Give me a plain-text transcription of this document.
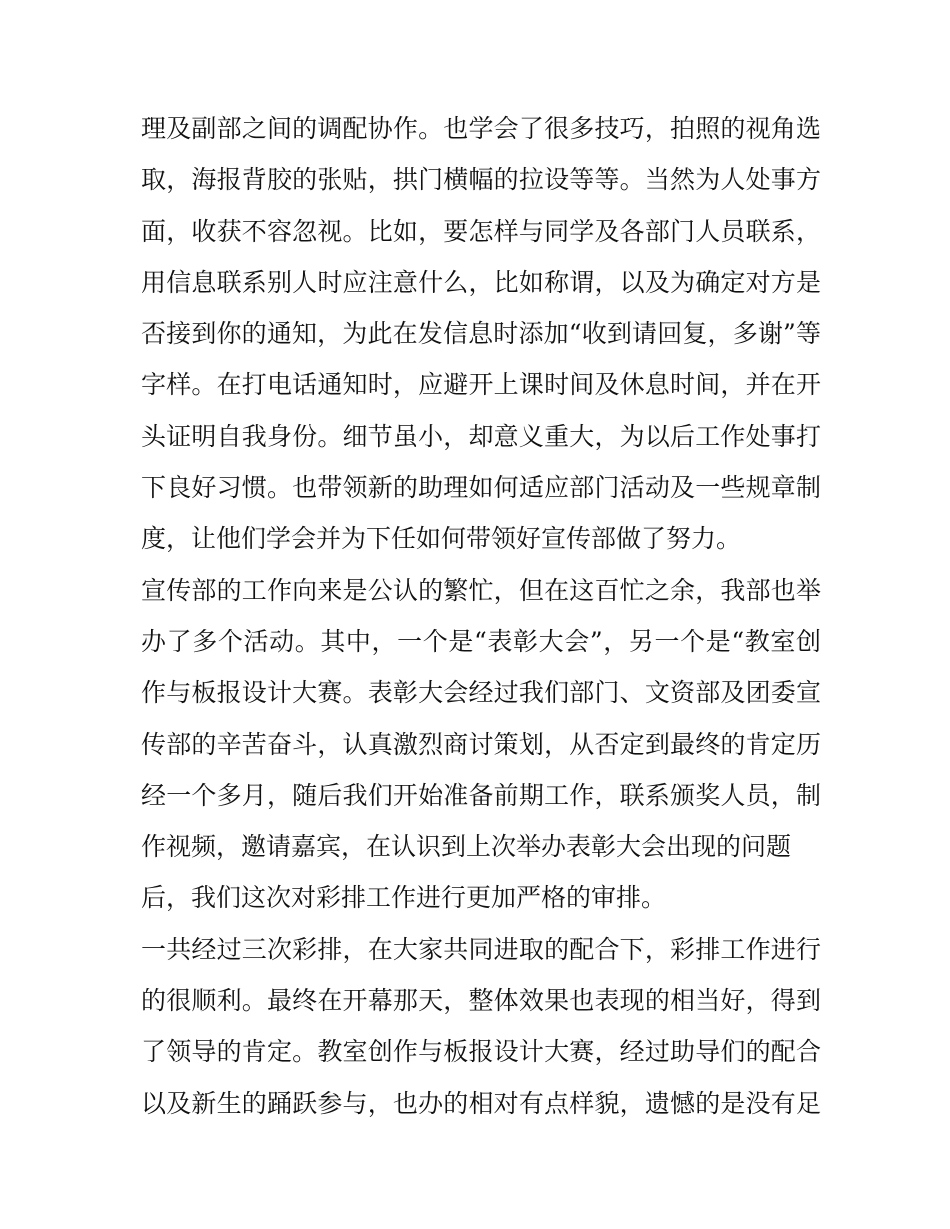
理及副部之间的调配协作。也学会了很多技巧，拍照的视角选
取，海报背胶的张贴，拱门横幅的拉设等等。当然为人处事方
面，收获不容忽视。比如，要怎样与同学及各部门人员联系，
用信息联系别人时应注意什么，比如称谓，以及为确定对方是
否接到你的通知，为此在发信息时添加“收到请回复，多谢”等
字样。在打电话通知时，应避开上课时间及休息时间，并在开
头证明自我身份。细节虽小，却意义重大，为以后工作处事打
下良好习惯。也带领新的助理如何适应部门活动及一些规章制
度，让他们学会并为下任如何带领好宣传部做了努力。
宣传部的工作向来是公认的繁忙，但在这百忙之余，我部也举
办了多个活动。其中，一个是“表彰大会”，另一个是“教室创
作与板报设计大赛。表彰大会经过我们部门、文资部及团委宣
传部的辛苦奋斗，认真激烈商讨策划，从否定到最终的肯定历
经一个多月，随后我们开始准备前期工作，联系颁奖人员，制
作视频，邀请嘉宾，在认识到上次举办表彰大会出现的问题
后，我们这次对彩排工作进行更加严格的审排。
一共经过三次彩排，在大家共同进取的配合下，彩排工作进行
的很顺利。最终在开幕那天，整体效果也表现的相当好，得到
了领导的肯定。教室创作与板报设计大赛，经过助导们的配合
以及新生的踊跃参与，也办的相对有点样貌，遗憾的是没有足
